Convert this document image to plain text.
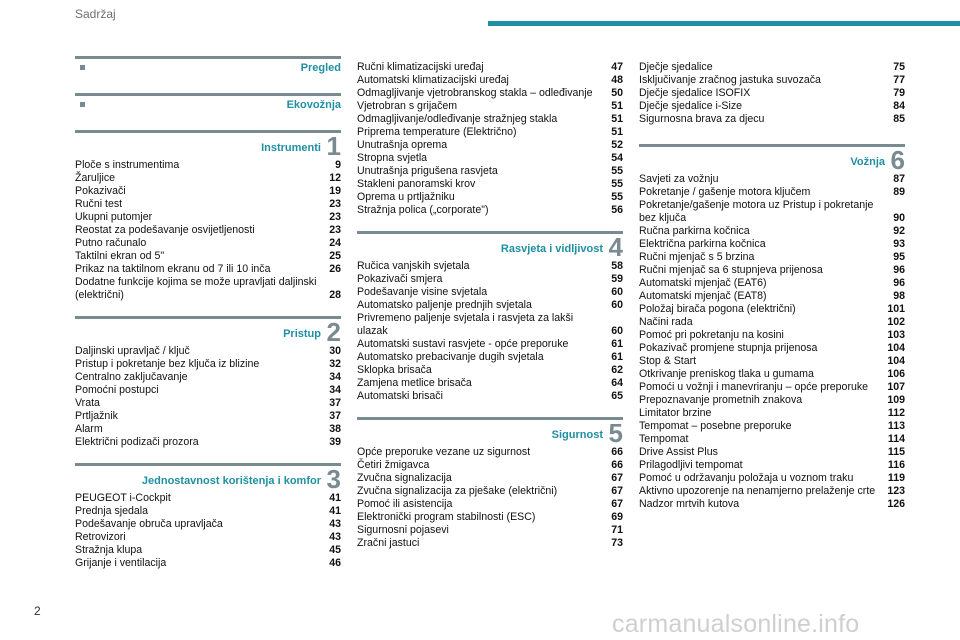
Sadržaj
Pregled
Ekovožnja
Instrumenti 1
Ploče s instrumentima	9
Žaruljice	12
Pokazivači	19
Ručni test	23
Ukupni putomjer	23
Reostat za podešavanje osvijetljenosti	23
Putno računalo	24
Taktilni ekran od 5"	25
Prikaz na taktilnom ekranu od 7 ili 10 inča	26
Dodatne funkcije kojima se može upravljati daljinski (električni)	28
Pristup 2
Daljinski upravljač / ključ	30
Pristup i pokretanje bez ključa iz blizine	32
Centralno zaključavanje	34
Pomoćni postupci	34
Vrata	37
Prtljažnik	37
Alarm	38
Električni podizači prozora	39
Jednostavnost korištenja i komfor 3
PEUGEOT i-Cockpit	41
Prednja sjedala	41
Podešavanje obruča upravljača	43
Retrovizori	43
Stražnja klupa	45
Grijanje i ventilacija	46
Ručni klimatizacijski uređaj	47
Automatski klimatizacijski uređaj	48
Odmagljivanje vjetrobranskog stakla – odleđivanje	50
Vjetrobran s grijačem	51
Odmagljivanje/odleđivanje stražnjeg stakla	51
Priprema temperature (Električno)	51
Unutrašnja oprema	52
Stropna svjetla	54
Unutrašnja prigušena rasvjeta	55
Stakleni panoramski krov	55
Oprema u prtljažniku	55
Stražnja polica („corporate")	56
Rasvjeta i vidljivost 4
Ručica vanjskih svjetala	58
Pokazivači smjera	59
Podešavanje visine svjetala	60
Automatsko paljenje prednjih svjetala	60
Privremeno paljenje svjetala i rasvjeta za lakši ulazak	60
Automatski sustavi rasvjete - opće preporuke	61
Automatsko prebacivanje dugih svjetala	61
Sklopka brisača	62
Zamjena metlice brisača	64
Automatski brisači	65
Sigurnost 5
Opće preporuke vezane uz sigurnost	66
Četiri žmigavca	66
Zvučna signalizacija	67
Zvučna signalizacija za pješake (električni)	67
Pomoć ili asistencija	67
Elektronički program stabilnosti (ESC)	69
Sigurnosni pojasevi	71
Zračni jastuci	73
Dječje sjedalice	75
Isključivanje zračnog jastuka suvozača	77
Dječje sjedalice ISOFIX	79
Dječje sjedalice i-Size	84
Sigurnosna brava za djecu	85
Vožnja 6
Savjeti za vožnju	87
Pokretanje / gašenje motora ključem	89
Pokretanje/gašenje motora uz Pristup i pokretanje bez ključa	90
Ručna parkirna kočnica	92
Električna parkirna kočnica	93
Ručni mjenjač s 5 brzina	95
Ručni mjenjač sa 6 stupnjeva prijenosa	96
Automatski mjenjač (EAT6)	96
Automatski mjenjač (EAT8)	98
Položaj birača pogona (električni)	101
Načini rada	102
Pomoć pri pokretanju na kosini	103
Pokazivač promjene stupnja prijenosa	104
Stop & Start	104
Otkrivanje preniskog tlaka u gumama	106
Pomoći u vožnji i manevriranju – opće preporuke	107
Prepoznavanje prometnih znakova	109
Limitator brzine	112
Tempomat – posebne preporuke	113
Tempomat	114
Drive Assist Plus	115
Prilagodljivi tempomat	116
Pomoć u održavanju položaja u voznom traku	119
Aktivno upozorenje na nenamjerno prelaženje crte	123
Nadzor mrtvih kutova	126
2	carmanualsonline.info
